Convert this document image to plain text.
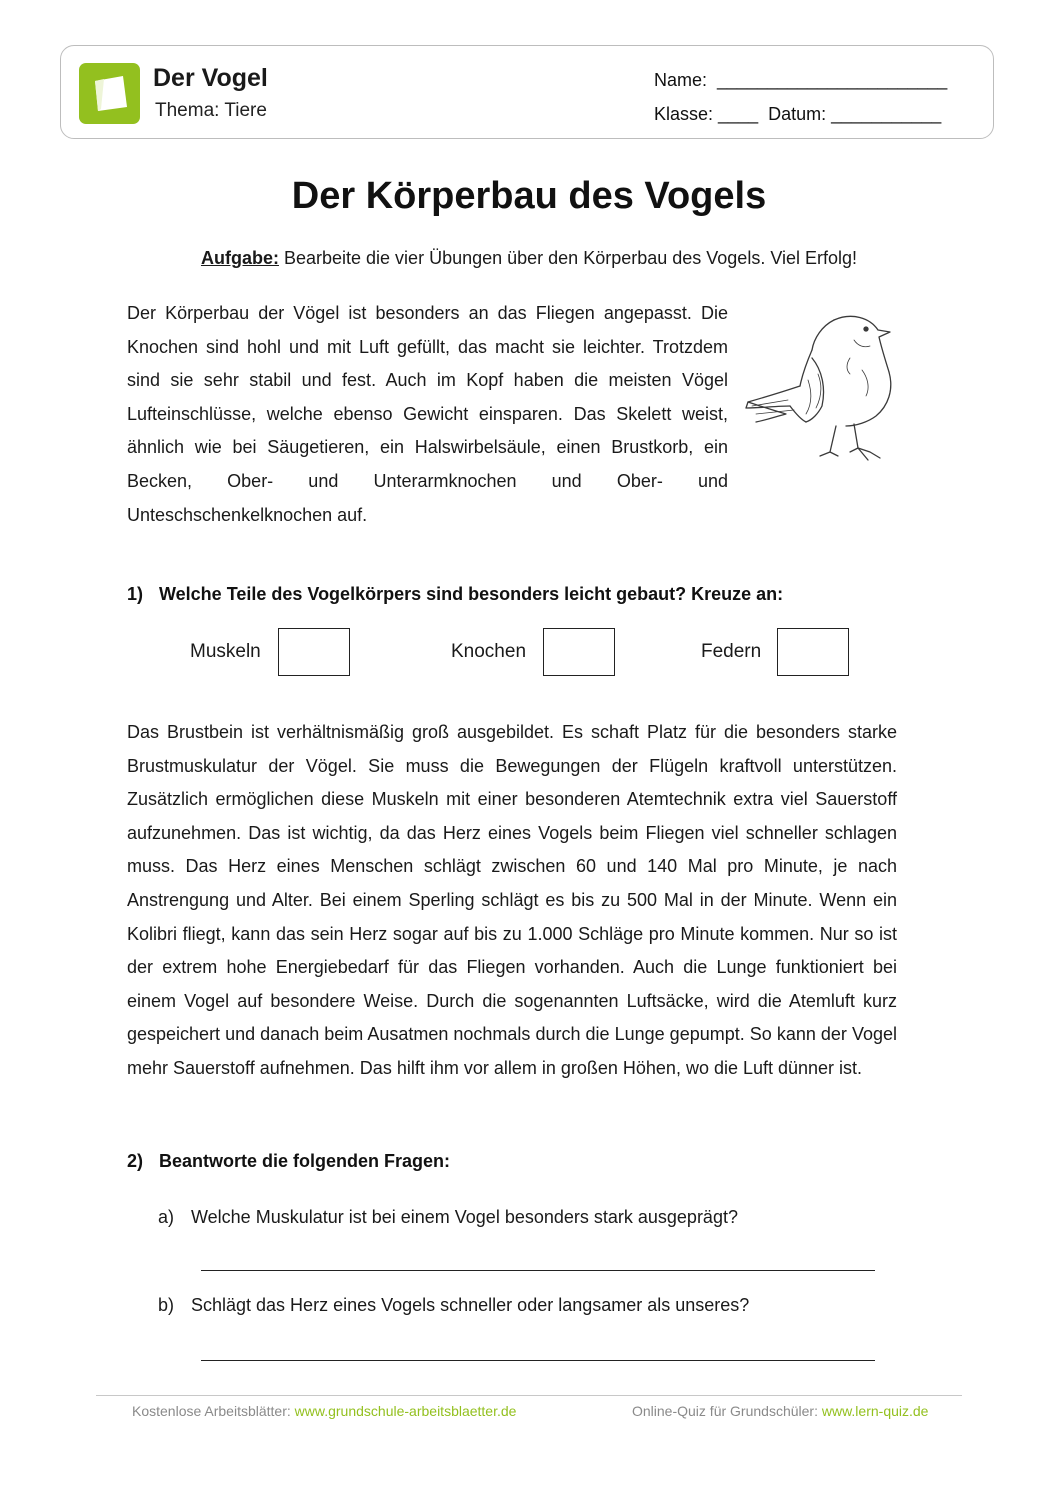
Der Vogel
Thema: Tiere
Name: _______________________
Klasse: ____ Datum: ___________
Der Körperbau des Vogels
Aufgabe: Bearbeite die vier Übungen über den Körperbau des Vogels. Viel Erfolg!
Der Körperbau der Vögel ist besonders an das Fliegen angepasst. Die Knochen sind hohl und mit Luft gefüllt, das macht sie leichter. Trotzdem sind sie sehr stabil und fest. Auch im Kopf haben die meisten Vögel Lufteinschlüsse, welche ebenso Gewicht einsparen. Das Skelett weist, ähnlich wie bei Säugetieren, ein Halswirbelsäule, einen Brustkorb, ein Becken, Ober- und Unterarmknochen und Ober- und Unteschschenkelknochen auf.
1) Welche Teile des Vogelkörpers sind besonders leicht gebaut? Kreuze an:
Muskeln	Knochen	Federn
Das Brustbein ist verhältnismäßig groß ausgebildet. Es schaft Platz für die besonders starke Brustmuskulatur der Vögel. Sie muss die Bewegungen der Flügeln kraftvoll unterstützen. Zusätzlich ermöglichen diese Muskeln mit einer besonderen Atemtechnik extra viel Sauerstoff aufzunehmen. Das ist wichtig, da das Herz eines Vogels beim Fliegen viel schneller schlagen muss. Das Herz eines Menschen schlägt zwischen 60 und 140 Mal pro Minute, je nach Anstrengung und Alter. Bei einem Sperling schlägt es bis zu 500 Mal in der Minute. Wenn ein Kolibri fliegt, kann das sein Herz sogar auf bis zu 1.000 Schläge pro Minute kommen. Nur so ist der extrem hohe Energiebedarf für das Fliegen vorhanden. Auch die Lunge funktioniert bei einem Vogel auf besondere Weise. Durch die sogenannten Luftsäcke, wird die Atemluft kurz gespeichert und danach beim Ausatmen nochmals durch die Lunge gepumpt. So kann der Vogel mehr Sauerstoff aufnehmen. Das hilft ihm vor allem in großen Höhen, wo die Luft dünner ist.
2) Beantworte die folgenden Fragen:
a) Welche Muskulatur ist bei einem Vogel besonders stark ausgeprägt?
b) Schlägt das Herz eines Vogels schneller oder langsamer als unseres?
Kostenlose Arbeitsblätter: www.grundschule-arbeitsblaetter.de	Online-Quiz für Grundschüler: www.lern-quiz.de
